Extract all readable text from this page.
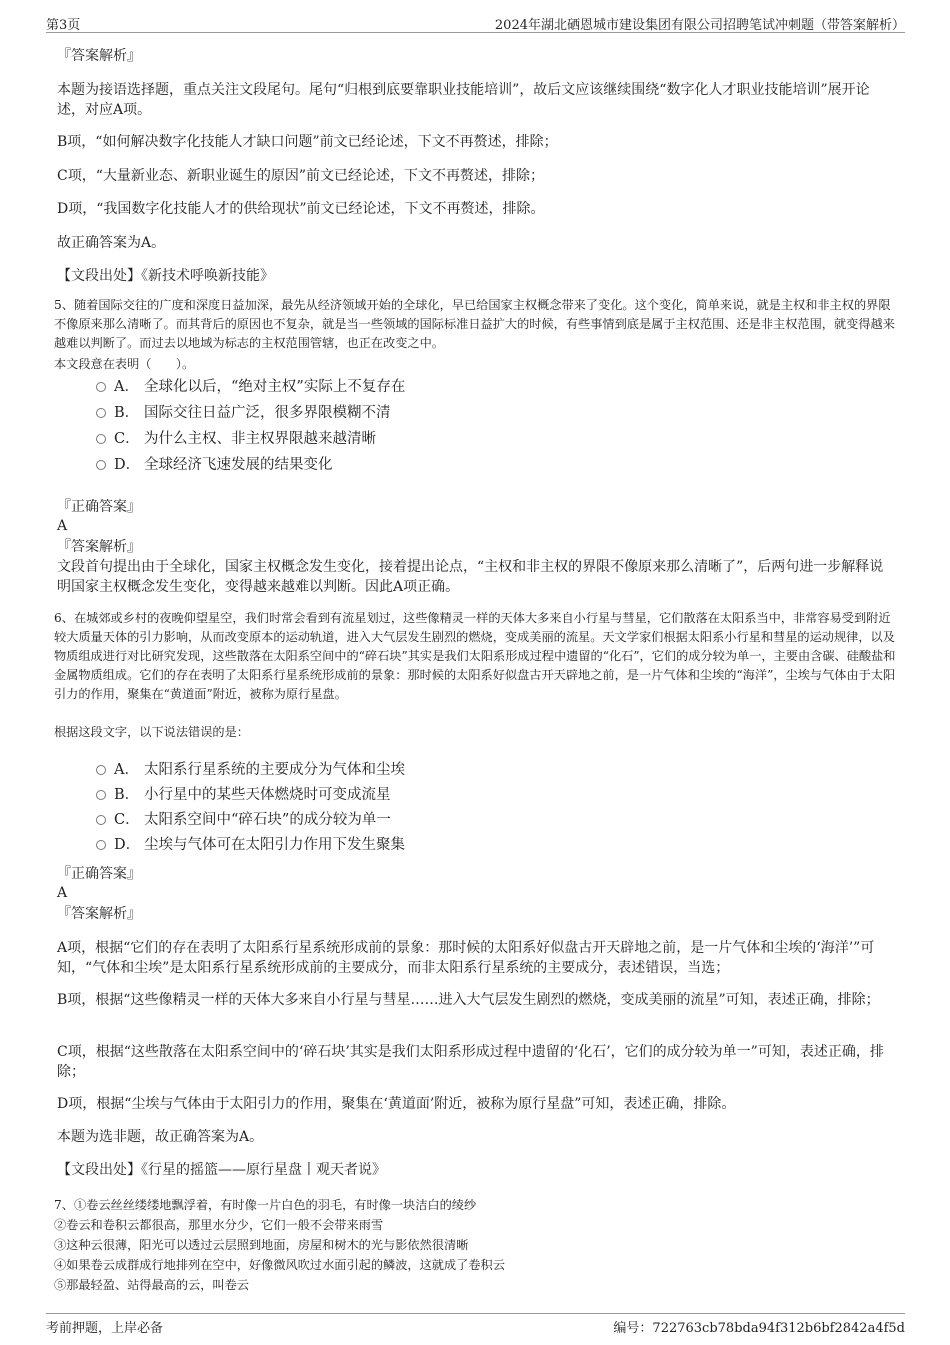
第3页	2024年湖北硒恩城市建设集团有限公司招聘笔试冲刺题（带答案解析）
『答案解析』
本题为接语选择题，重点关注文段尾句。尾句“归根到底要靠职业技能培训”，故后文应该继续围绕“数字化人才职业技能培训”展开论述，对应A项。
B项，“如何解决数字化技能人才缺口问题”前文已经论述，下文不再赘述，排除；
C项，“大量新业态、新职业诞生的原因”前文已经论述，下文不再赘述，排除；
D项，“我国数字化技能人才的供给现状”前文已经论述，下文不再赘述，排除。
故正确答案为A。
【文段出处】《新技术呼唤新技能》
5、随着国际交往的广度和深度日益加深，最先从经济领域开始的全球化，早已给国家主权概念带来了变化。这个变化，简单来说，就是主权和非主权的界限不像原来那么清晰了。而其背后的原因也不复杂，就是当一些领域的国际标准日益扩大的时候，有些事情到底是属于主权范围、还是非主权范围，就变得越来越难以判断了。而过去以地域为标志的主权范围管辖，也正在改变之中。
本文段意在表明（　　）。
A． 全球化以后，“绝对主权”实际上不复存在
B． 国际交往日益广泛，很多界限模糊不清
C． 为什么主权、非主权界限越来越清晰
D． 全球经济飞速发展的结果变化
『正确答案』
A
『答案解析』
文段首句提出由于全球化，国家主权概念发生变化，接着提出论点，“主权和非主权的界限不像原来那么清晰了”，后两句进一步解释说明国家主权概念发生变化，变得越来越难以判断。因此A项正确。
6、在城郊或乡村的夜晚仰望星空，我们时常会看到有流星划过，这些像精灵一样的天体大多来自小行星与彗星，它们散落在太阳系当中，非常容易受到附近较大质量天体的引力影响，从而改变原本的运动轨道，进入大气层发生剧烈的燃烧，变成美丽的流星。天文学家们根据太阳系小行星和彗星的运动规律，以及物质组成进行对比研究发现，这些散落在太阳系空间中的“碎石块”其实是我们太阳系形成过程中遗留的“化石”，它们的成分较为单一，主要由含碳、硅酸盐和金属物质组成。它们的存在表明了太阳系行星系统形成前的景象：那时候的太阳系好似盘古开天辟地之前，是一片气体和尘埃的“海洋”，尘埃与气体由于太阳引力的作用，聚集在“黄道面”附近，被称为原行星盘。
根据这段文字，以下说法错误的是：
A． 太阳系行星系统的主要成分为气体和尘埃
B． 小行星中的某些天体燃烧时可变成流星
C． 太阳系空间中“碎石块”的成分较为单一
D． 尘埃与气体可在太阳引力作用下发生聚集
『正确答案』
A
『答案解析』
A项，根据“它们的存在表明了太阳系行星系统形成前的景象：那时候的太阳系好似盘古开天辟地之前，是一片气体和尘埃的‘海洋’”可知，“气体和尘埃”是太阳系行星系统形成前的主要成分，而非太阳系行星系统的主要成分，表述错误，当选；
B项，根据“这些像精灵一样的天体大多来自小行星与彗星……进入大气层发生剧烈的燃烧，变成美丽的流星”可知，表述正确，排除；
C项，根据“这些散落在太阳系空间中的‘碎石块’其实是我们太阳系形成过程中遗留的‘化石’，它们的成分较为单一”可知，表述正确，排除；
D项，根据“尘埃与气体由于太阳引力的作用，聚集在‘黄道面’附近，被称为原行星盘”可知，表述正确，排除。
本题为选非题，故正确答案为A。
【文段出处】《行星的摇篮——原行星盘丨观天者说》
7、①卷云丝丝缕缕地飘浮着，有时像一片白色的羽毛，有时像一块洁白的绫纱
②卷云和卷积云都很高，那里水分少，它们一般不会带来雨雪
③这种云很薄，阳光可以透过云层照到地面，房屋和树木的光与影依然很清晰
④如果卷云成群成行地排列在空中，好像微风吹过水面引起的鳞波，这就成了卷积云
⑤那最轻盈、站得最高的云，叫卷云
考前押题，上岸必备	编号：722763cb78bda94f312b6bf2842a4f5d
